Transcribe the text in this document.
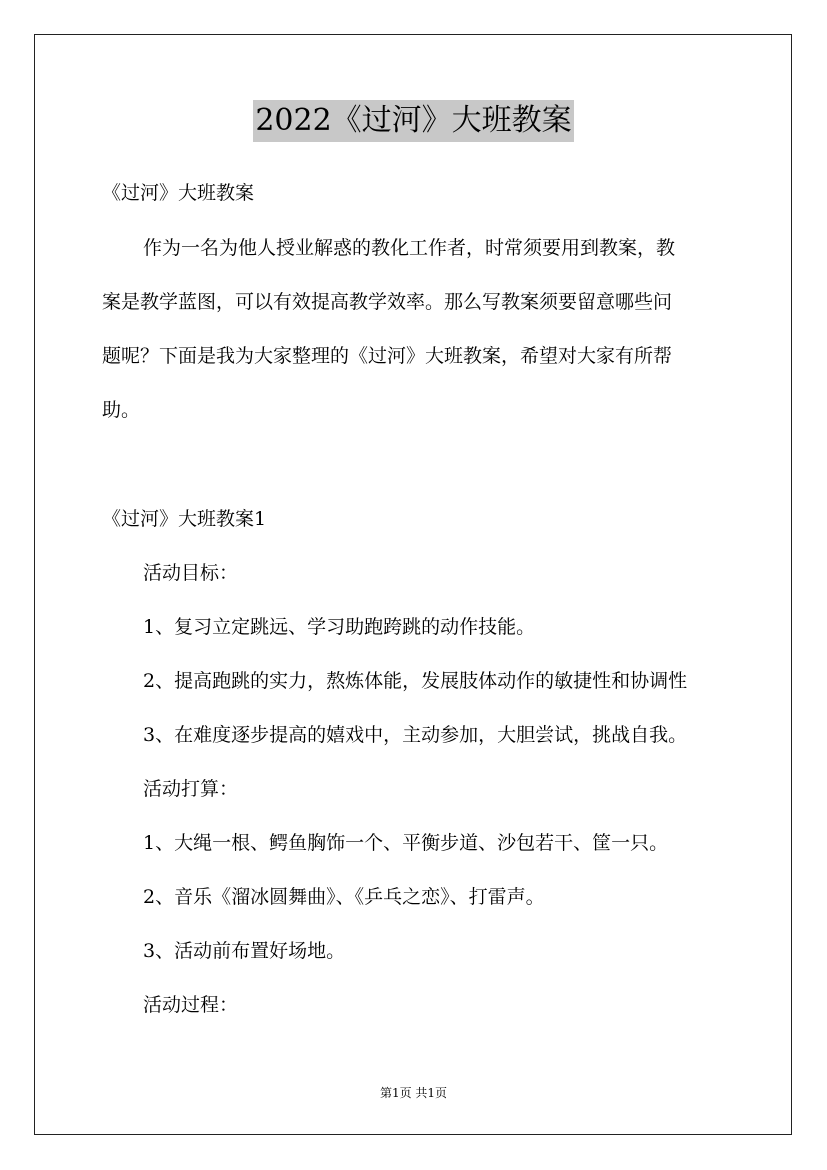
2022《过河》大班教案
《过河》大班教案
作为一名为他人授业解惑的教化工作者，时常须要用到教案，教
案是教学蓝图，可以有效提高教学效率。那么写教案须要留意哪些问
题呢？下面是我为大家整理的《过河》大班教案，希望对大家有所帮
助。
《过河》大班教案1
活动目标：
1、复习立定跳远、学习助跑跨跳的动作技能。
2、提高跑跳的实力，熬炼体能，发展肢体动作的敏捷性和协调性
3、在难度逐步提高的嬉戏中，主动参加，大胆尝试，挑战自我。
活动打算：
1、大绳一根、鳄鱼胸饰一个、平衡步道、沙包若干、筐一只。
2、音乐《溜冰圆舞曲》、《乒乓之恋》、打雷声。
3、活动前布置好场地。
活动过程：
第1页 共1页
